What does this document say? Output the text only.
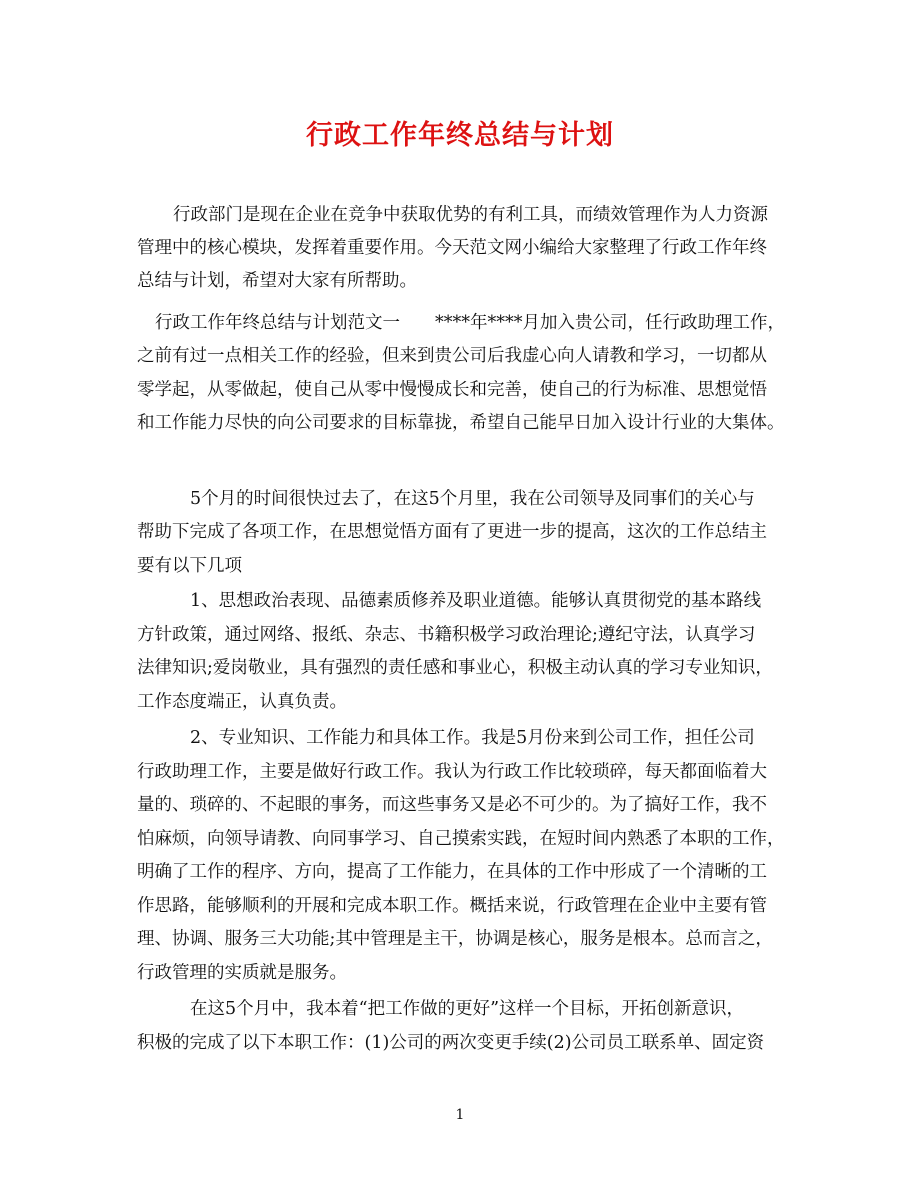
行政工作年终总结与计划

行政部门是现在企业在竞争中获取优势的有利工具，而绩效管理作为人力资源

管理中的核心模块，发挥着重要作用。今天范文网小编给大家整理了行政工作年终

总结与计划，希望对大家有所帮助。

行政工作年终总结与计划范文一　　****年****月加入贵公司，任行政助理工作，

之前有过一点相关工作的经验，但来到贵公司后我虚心向人请教和学习，一切都从

零学起，从零做起，使自己从零中慢慢成长和完善，使自己的行为标准、思想觉悟

和工作能力尽快的向公司要求的目标靠拢，希望自己能早日加入设计行业的大集体。

5个月的时间很快过去了，在这5个月里，我在公司领导及同事们的关心与

帮助下完成了各项工作，在思想觉悟方面有了更进一步的提高，这次的工作总结主

要有以下几项

1、思想政治表现、品德素质修养及职业道德。能够认真贯彻党的基本路线

方针政策，通过网络、报纸、杂志、书籍积极学习政治理论;遵纪守法，认真学习

法律知识;爱岗敬业，具有强烈的责任感和事业心，积极主动认真的学习专业知识，

工作态度端正，认真负责。

2、专业知识、工作能力和具体工作。我是5月份来到公司工作，担任公司

行政助理工作，主要是做好行政工作。我认为行政工作比较琐碎，每天都面临着大

量的、琐碎的、不起眼的事务，而这些事务又是必不可少的。为了搞好工作，我不

怕麻烦，向领导请教、向同事学习、自己摸索实践，在短时间内熟悉了本职的工作，

明确了工作的程序、方向，提高了工作能力，在具体的工作中形成了一个清晰的工

作思路，能够顺利的开展和完成本职工作。概括来说，行政管理在企业中主要有管

理、协调、服务三大功能;其中管理是主干，协调是核心，服务是根本。总而言之，

行政管理的实质就是服务。

在这5个月中，我本着“把工作做的更好”这样一个目标，开拓创新意识，

积极的完成了以下本职工作：(1)公司的两次变更手续(2)公司员工联系单、固定资

1
